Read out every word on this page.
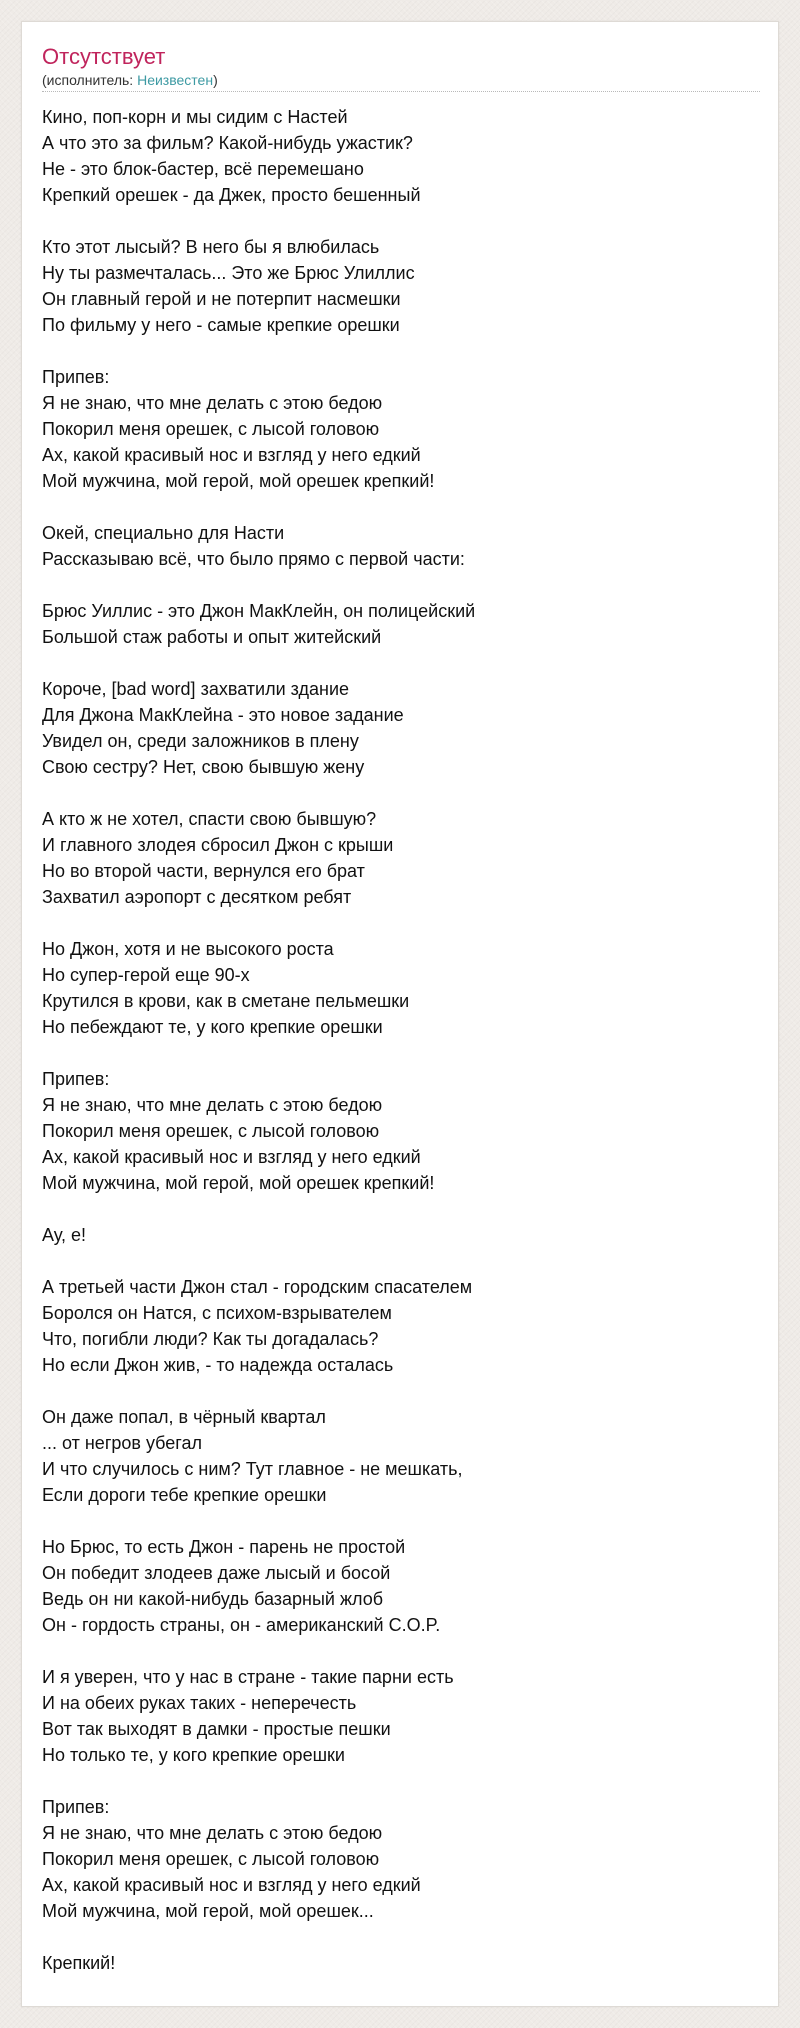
Отсутствует
(исполнитель: Неизвестен)
Кино, поп-корн и мы сидим с Настей
А что это за фильм? Какой-нибудь ужастик?
Не - это блок-бастер, всё перемешано
Крепкий орешек - да Джек, просто бешенный
Кто этот лысый? В него бы я влюбилась
Ну ты размечталась... Это же Брюс Улиллис
Он главный герой и не потерпит насмешки
По фильму у него - самые крепкие орешки
Припев:
Я не знаю, что мне делать с этою бедою
Покорил меня орешек, с лысой головою
Ах, какой красивый нос и взгляд у него едкий
Мой мужчина, мой герой, мой орешек крепкий!
Окей, специально для Насти
Рассказываю всё, что было прямо с первой части:
Брюс Уиллис - это Джон МакКлейн, он полицейский
Большой стаж работы и опыт житейский
Короче, [bad word] захватили здание
Для Джона МакКлейна - это новое задание
Увидел он, среди заложников в плену
Свою сестру? Нет, свою бывшую жену
А кто ж не хотел, спасти свою бывшую?
И главного злодея сбросил Джон с крыши
Но во второй части, вернулся его брат
Захватил аэропорт с десятком ребят
Но Джон, хотя и не высокого роста
Но супер-герой еще 90-х
Крутился в крови, как в сметане пельмешки
Но пебеждают те, у кого крепкие орешки
Припев:
Я не знаю, что мне делать с этою бедою
Покорил меня орешек, с лысой головою
Ах, какой красивый нос и взгляд у него едкий
Мой мужчина, мой герой, мой орешек крепкий!
Ау, е!
А третьей части Джон стал - городским спасателем
Боролся он Натся, с психом-взрывателем
Что, погибли люди? Как ты догадалась?
Но если Джон жив, - то надежда осталась
Он даже попал, в чёрный квартал
... от негров убегал
И что случилось с ним? Тут главное - не мешкать,
Если дороги тебе крепкие орешки
Но Брюс, то есть Джон - парень не простой
Он победит злодеев даже лысый и босой
Ведь он ни какой-нибудь базарный жлоб
Он - гордость страны, он - американский C.O.P.
И я уверен, что у нас в стране - такие парни есть
И на обеих руках таких - неперечесть
Вот так выходят в дамки - простые пешки
Но только те, у кого крепкие орешки
Припев:
Я не знаю, что мне делать с этою бедою
Покорил меня орешек, с лысой головою
Ах, какой красивый нос и взгляд у него едкий
Мой мужчина, мой герой, мой орешек...
Крепкий!
